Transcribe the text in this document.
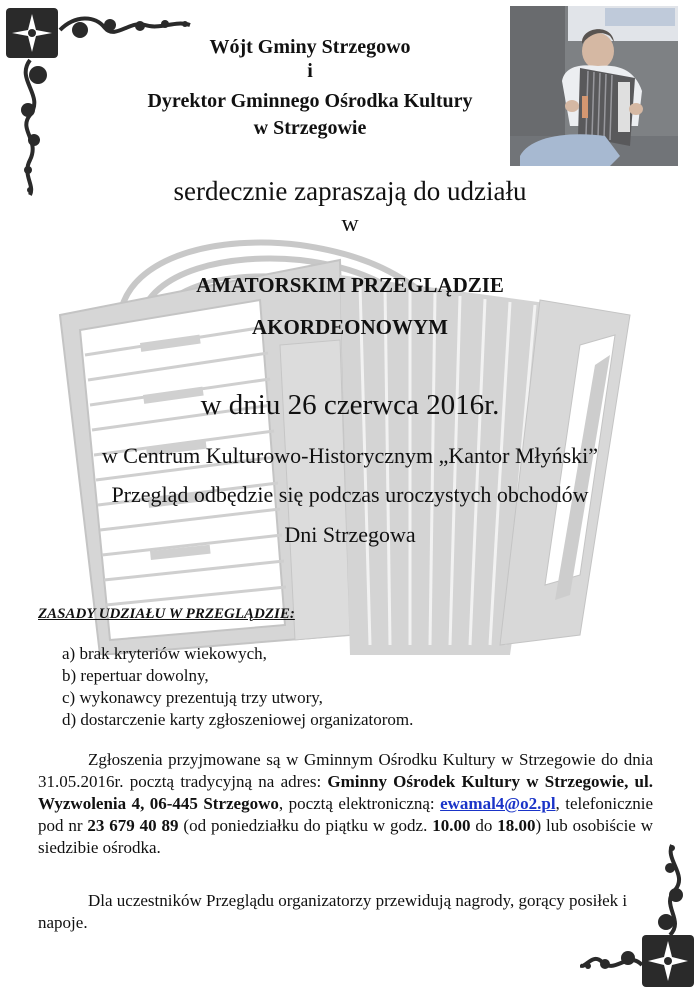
Wójt Gminy Strzegowo
i
Dyrektor Gminnego Ośrodka Kultury
w Strzegowie
serdecznie zapraszają do udziału
w
AMATORSKIM PRZEGLĄDZIE
AKORDEONOWYM
w dniu 26 czerwca 2016r.
w Centrum Kulturowo-Historycznym „Kantor Młyński”
Przegląd odbędzie się podczas uroczystych obchodów
Dni Strzegowa
ZASADY UDZIAŁU W PRZEGLĄDZIE:
a) brak kryteriów wiekowych,
b) repertuar dowolny,
c) wykonawcy prezentują trzy utwory,
d) dostarczenie karty zgłoszeniowej organizatorom.

Zgłoszenia przyjmowane są w Gminnym Ośrodku Kultury w Strzegowie do dnia 31.05.2016r. pocztą tradycyjną na adres: Gminny Ośrodek Kultury w Strzegowie, ul. Wyzwolenia 4, 06-445 Strzegowo, pocztą elektroniczną: ewamal4@o2.pl, telefonicznie pod nr 23 679 40 89 (od poniedziałku do piątku w godz. 10.00 do 18.00) lub osobiście w siedzibie ośrodka.

Dla uczestników Przeglądu organizatorzy przewidują nagrody, gorący posiłek i napoje.
